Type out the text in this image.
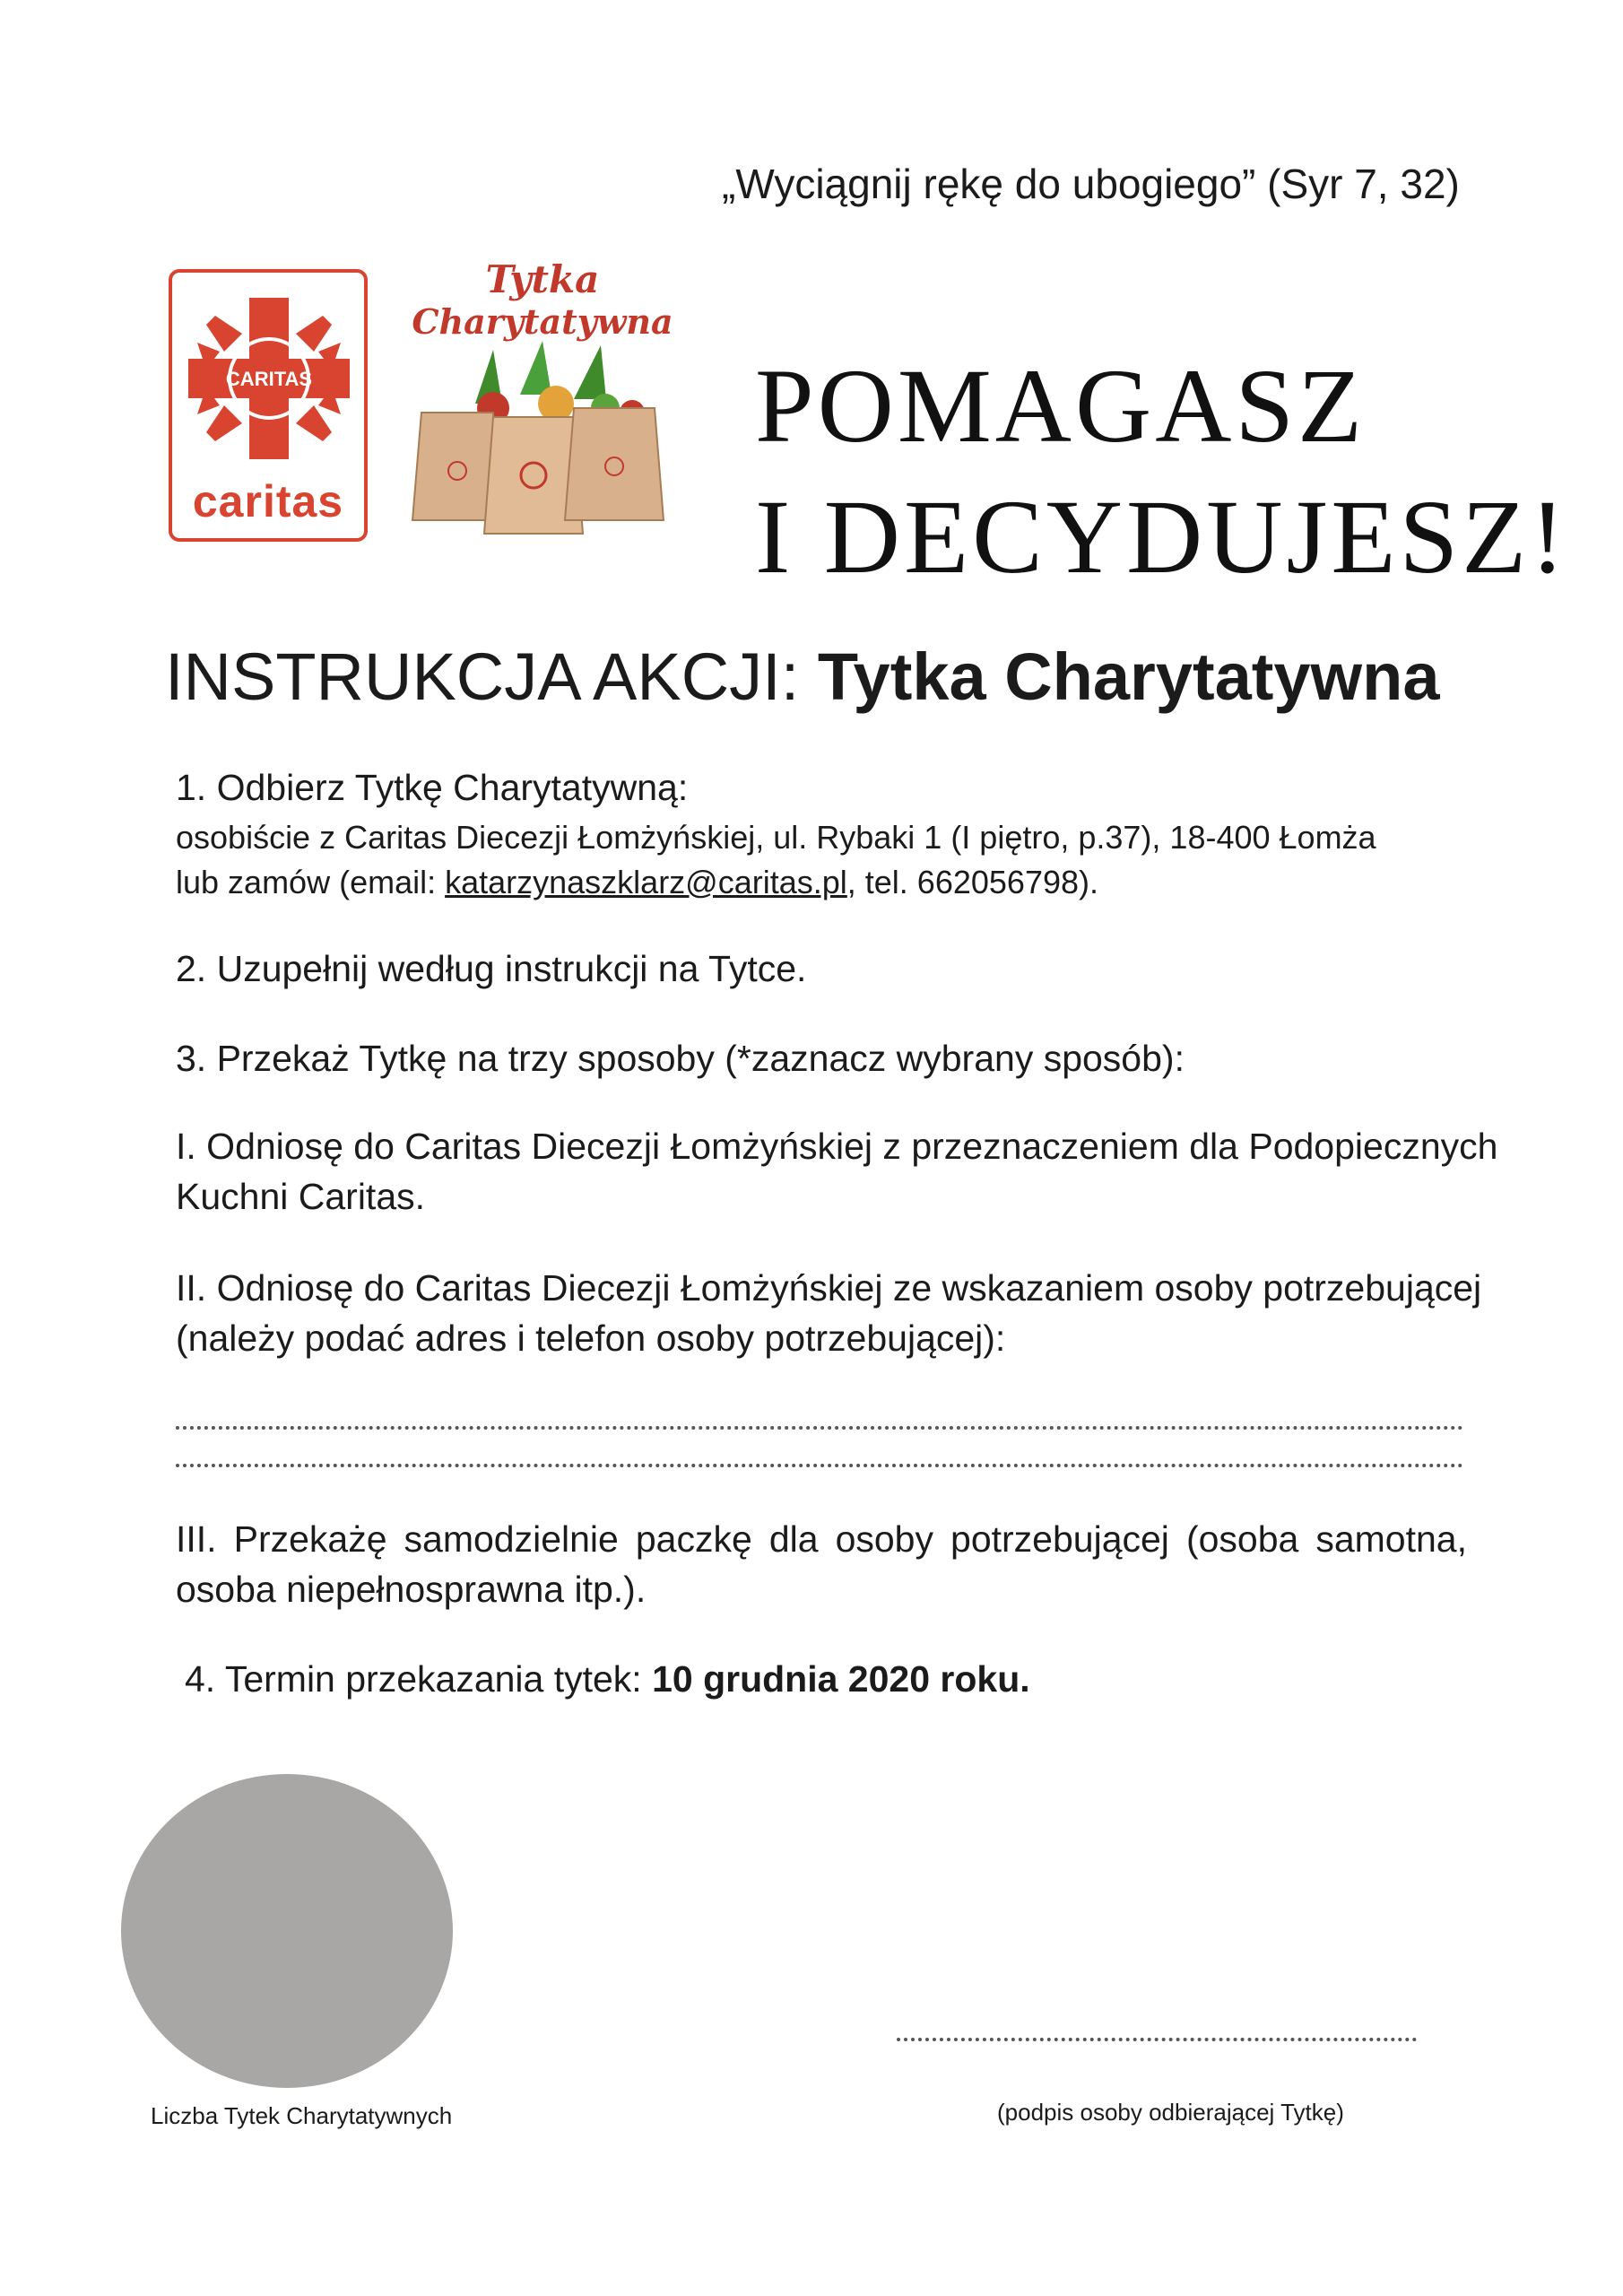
„Wyciągnij rękę do ubogiego” (Syr 7, 32)
CARITAS
caritas
Tytka
Charytatywna
POMAGASZ
I DECYDUJESZ!
INSTRUKCJA AKCJI: Tytka Charytatywna
1. Odbierz Tytkę Charytatywną:
osobiście z Caritas Diecezji Łomżyńskiej, ul. Rybaki 1 (I piętro, p.37), 18-400 Łomża
lub zamów (email: katarzynaszklarz@caritas.pl, tel. 662056798).
2. Uzupełnij według instrukcji na Tytce.
3. Przekaż Tytkę na trzy sposoby (*zaznacz wybrany sposób):
I. Odniosę do Caritas Diecezji Łomżyńskiej z przeznaczeniem dla Podopiecznych
Kuchni Caritas.
II. Odniosę do Caritas Diecezji Łomżyńskiej ze wskazaniem osoby potrzebującej
(należy podać adres i telefon osoby potrzebującej):
III. Przekażę samodzielnie paczkę dla osoby potrzebującej (osoba samotna, osoba niepełnosprawna itp.).
4. Termin przekazania tytek: 10 grudnia 2020 roku.
Liczba Tytek Charytatywnych	(podpis osoby odbierającej Tytkę)
